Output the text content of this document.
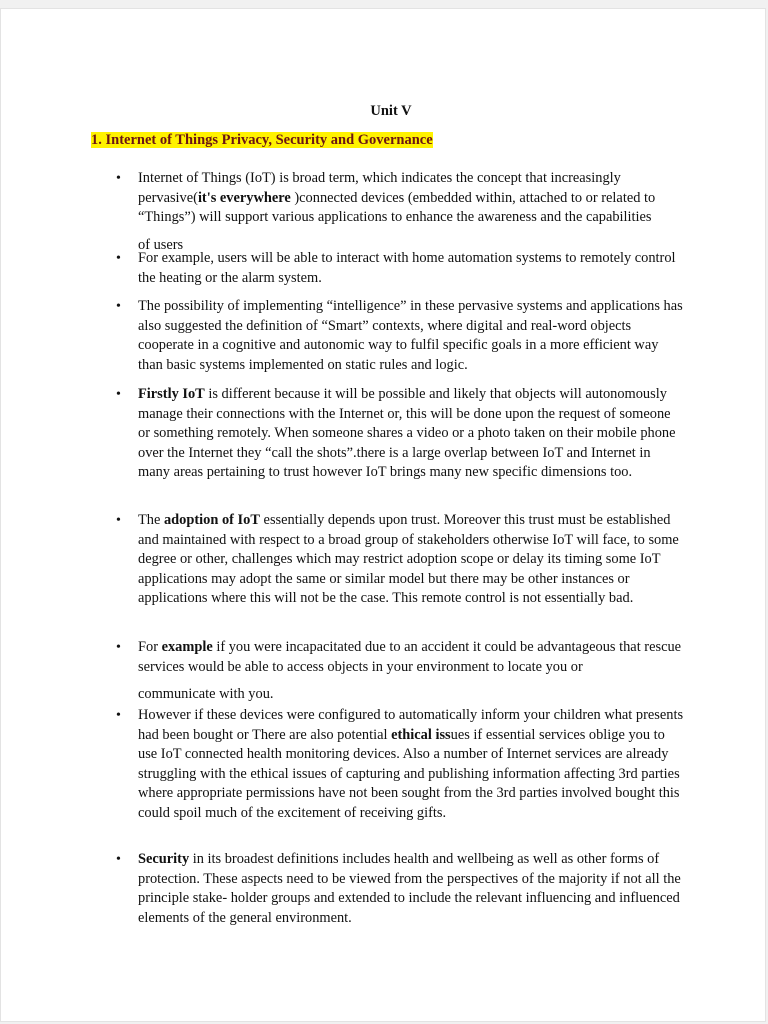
Unit V
1. Internet of Things Privacy, Security and Governance

• Internet of Things (IoT) is broad term, which indicates the concept that increasingly pervasive(it's everywhere )connected devices (embedded within, attached to or related to “Things”) will support various applications to enhance the awareness and the capabilities

of users

• For example, users will be able to interact with home automation systems to remotely control the heating or the alarm system.

• The possibility of implementing “intelligence” in these pervasive systems and applications has also suggested the definition of “Smart” contexts, where digital and real-word objects cooperate in a cognitive and autonomic way to fulfil specific goals in a more efficient way than basic systems implemented on static rules and logic.

• Firstly IoT is different because it will be possible and likely that objects will autonomously manage their connections with the Internet or, this will be done upon the request of someone or something remotely. When someone shares a video or a photo taken on their mobile phone over the Internet they “call the shots”.there is a large overlap between IoT and Internet in many areas pertaining to trust however IoT brings many new specific dimensions too.

• The adoption of IoT essentially depends upon trust. Moreover this trust must be established and maintained with respect to a broad group of stakeholders otherwise IoT will face, to some degree or other, challenges which may restrict adoption scope or delay its timing some IoT applications may adopt the same or similar model but there may be other instances or applications where this will not be the case. This remote control is not essentially bad.

• For example if you were incapacitated due to an accident it could be advantageous that rescue services would be able to access objects in your environment to locate you or

communicate with you.

• However if these devices were configured to automatically inform your children what presents had been bought or There are also potential ethical issues if essential services oblige you to use IoT connected health monitoring devices. Also a number of Internet services are already struggling with the ethical issues of capturing and publishing information affecting 3rd parties where appropriate permissions have not been sought from the 3rd parties involved bought this could spoil much of the excitement of receiving gifts.

• Security in its broadest definitions includes health and wellbeing as well as other forms of protection. These aspects need to be viewed from the perspectives of the majority if not all the principle stake- holder groups and extended to include the relevant influencing and influenced elements of the general environment.
